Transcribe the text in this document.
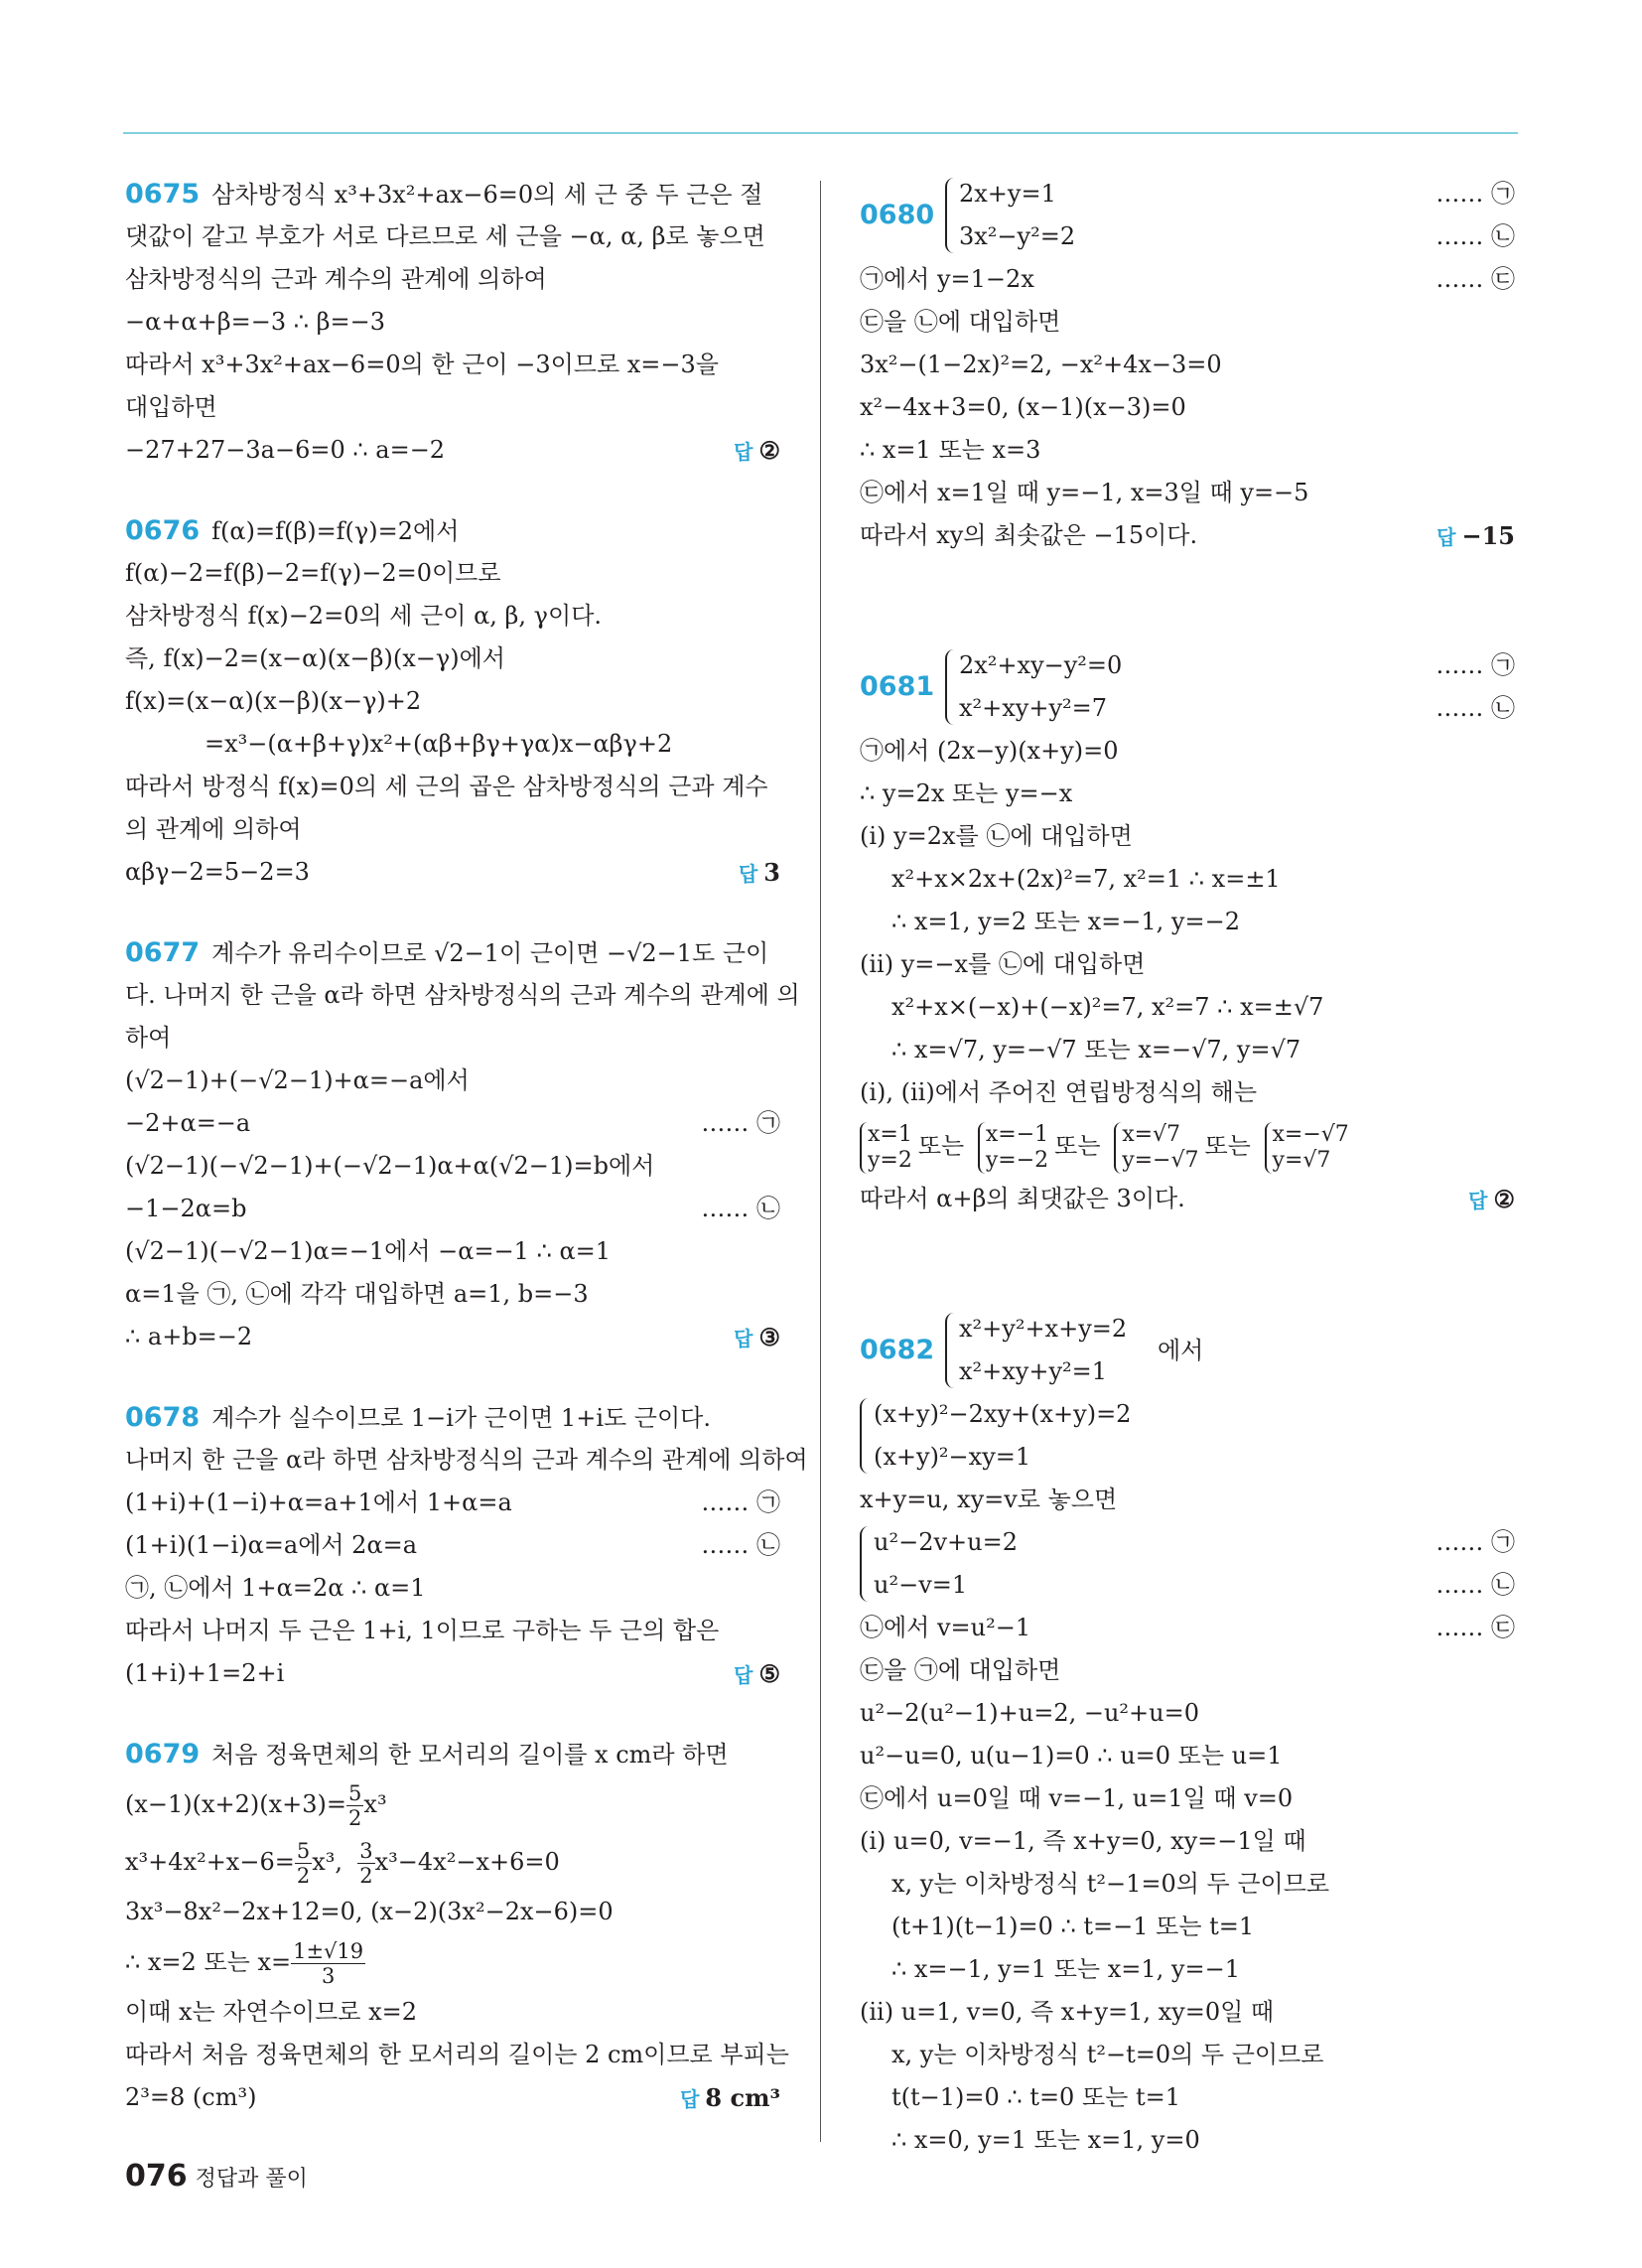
0675 삼차방정식 x³+3x²+ax−6=0의 세 근 중 두 근은 절
댓값이 같고 부호가 서로 다르므로 세 근을 −α, α, β로 놓으면
삼차방정식의 근과 계수의 관계에 의하여
−α+α+β=−3 ∴ β=−3
따라서 x³+3x²+ax−6=0의 한 근이 −3이므로 x=−3을
대입하면
−27+27−3a−6=0 ∴ a=−2	답 ②
0676 f(α)=f(β)=f(γ)=2에서
f(α)−2=f(β)−2=f(γ)−2=0이므로
삼차방정식 f(x)−2=0의 세 근이 α, β, γ이다.
즉, f(x)−2=(x−α)(x−β)(x−γ)에서
f(x)=(x−α)(x−β)(x−γ)+2
=x³−(α+β+γ)x²+(αβ+βγ+γα)x−αβγ+2
따라서 방정식 f(x)=0의 세 근의 곱은 삼차방정식의 근과 계수
의 관계에 의하여
αβγ−2=5−2=3	답 3
0677 계수가 유리수이므로 √2−1이 근이면 −√2−1도 근이
다. 나머지 한 근을 α라 하면 삼차방정식의 근과 계수의 관계에 의
하여
(√2−1)+(−√2−1)+α=−a에서
−2+α=−a	…… ㉠
(√2−1)(−√2−1)+(−√2−1)α+α(√2−1)=b에서
−1−2α=b	…… ㉡
(√2−1)(−√2−1)α=−1에서 −α=−1 ∴ α=1
α=1을 ㉠, ㉡에 각각 대입하면 a=1, b=−3
∴ a+b=−2	답 ③
0678 계수가 실수이므로 1−i가 근이면 1+i도 근이다.
나머지 한 근을 α라 하면 삼차방정식의 근과 계수의 관계에 의하여
(1+i)+(1−i)+α=a+1에서 1+α=a	…… ㉠
(1+i)(1−i)α=a에서 2α=a	…… ㉡
㉠, ㉡에서 1+α=2α ∴ α=1
따라서 나머지 두 근은 1+i, 1이므로 구하는 두 근의 합은
(1+i)+1=2+i	답 ⑤
0679 처음 정육면체의 한 모서리의 길이를 x cm라 하면
$(x-1)(x+2)(x+3)= \frac{5}{2} x^3$
$x^3+4x^2+x-6= \frac{5}{2} x^3$, $\frac{3}{2} x^3-4x^2-x+6=0$
3x³−8x²−2x+12=0, (x−2)(3x²−2x−6)=0
∴ x=2 또는 $x= \frac{1\pm√19}{3}$
이때 x는 자연수이므로 x=2
따라서 처음 정육면체의 한 모서리의 길이는 2 cm이므로 부피는
2³=8 (cm³)	답 8 cm³
0680
2x+y=1	…… ㉠
3x²−y²=2	…… ㉡
㉠에서 y=1−2x	…… ㉢
㉢을 ㉡에 대입하면
3x²−(1−2x)²=2, −x²+4x−3=0
x²−4x+3=0, (x−1)(x−3)=0
∴ x=1 또는 x=3
㉢에서 x=1일 때 y=−1, x=3일 때 y=−5
따라서 xy의 최솟값은 −15이다.	답 −15
0681
2x²+xy−y²=0	…… ㉠
x²+xy+y²=7	…… ㉡
㉠에서 (2x−y)(x+y)=0
∴ y=2x 또는 y=−x
(ⅰ) y=2x를 ㉡에 대입하면
x²+x×2x+(2x)²=7, x²=1 ∴ x=±1
∴ x=1, y=2 또는 x=−1, y=−2
(ⅱ) y=−x를 ㉡에 대입하면
x²+x×(−x)+(−x)²=7, x²=7 ∴ x=±√7
∴ x=√7, y=−√7 또는 x=−√7, y=√7
(ⅰ), (ⅱ)에서 주어진 연립방정식의 해는
x=1
y=2 또는 x=−1
y=−2 또는 x=√7
y=−√7 또는 x=−√7
y=√7
따라서 α+β의 최댓값은 3이다.	답 ②
0682
x²+y²+x+y=2
x²+xy+y²=1
에서
(x+y)²−2xy+(x+y)=2
(x+y)²−xy=1
x+y=u, xy=v로 놓으면
u²−2v+u=2	…… ㉠
u²−v=1	…… ㉡
㉡에서 v=u²−1	…… ㉢
㉢을 ㉠에 대입하면
u²−2(u²−1)+u=2, −u²+u=0
u²−u=0, u(u−1)=0 ∴ u=0 또는 u=1
㉢에서 u=0일 때 v=−1, u=1일 때 v=0
(ⅰ) u=0, v=−1, 즉 x+y=0, xy=−1일 때
x, y는 이차방정식 t²−1=0의 두 근이므로
(t+1)(t−1)=0 ∴ t=−1 또는 t=1
∴ x=−1, y=1 또는 x=1, y=−1
(ⅱ) u=1, v=0, 즉 x+y=1, xy=0일 때
x, y는 이차방정식 t²−t=0의 두 근이므로
t(t−1)=0 ∴ t=0 또는 t=1
∴ x=0, y=1 또는 x=1, y=0
076 정답과 풀이
